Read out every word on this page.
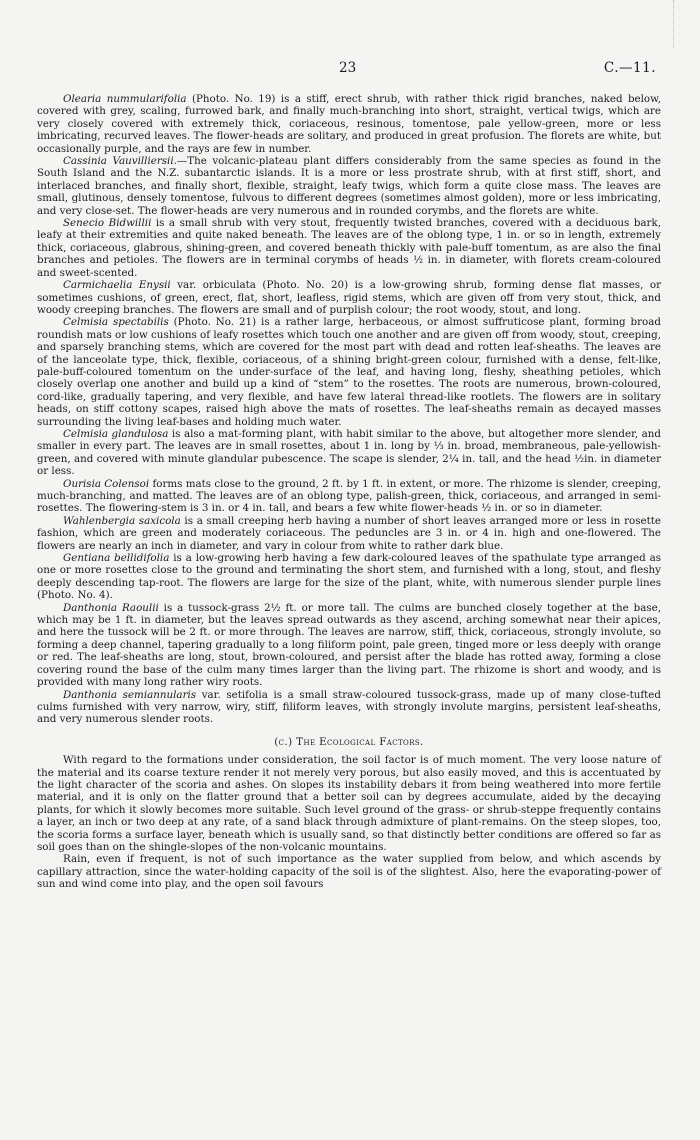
23	C.—11.

Olearia nummularifolia (Photo. No. 19) is a stiff, erect shrub, with rather thick rigid branches, naked below, covered with grey, scaling, furrowed bark, and finally much-branching into short, straight, vertical twigs, which are very closely covered with extremely thick, coriaceous, resinous, tomentose, pale yellow-green, more or less imbricating, recurved leaves. The flower-heads are solitary, and produced in great profusion. The florets are white, but occasionally purple, and the rays are few in number.

Cassinia Vauvilliersii.—The volcanic-plateau plant differs considerably from the same species as found in the South Island and the N.Z. subantarctic islands. It is a more or less prostrate shrub, with at first stiff, short, and interlaced branches, and finally short, flexible, straight, leafy twigs, which form a quite close mass. The leaves are small, glutinous, densely tomentose, fulvous to different degrees (sometimes almost golden), more or less imbricating, and very close-set. The flower-heads are very numerous and in rounded corymbs, and the florets are white.

Senecio Bidwillii is a small shrub with very stout, frequently twisted branches, covered with a deciduous bark, leafy at their extremities and quite naked beneath. The leaves are of the oblong type, 1 in. or so in length, extremely thick, coriaceous, glabrous, shining-green, and covered beneath thickly with pale-buff tomentum, as are also the final branches and petioles. The flowers are in terminal corymbs of heads ½ in. in diameter, with florets cream-coloured and sweet-scented.

Carmichaelia Enysii var. orbiculata (Photo. No. 20) is a low-growing shrub, forming dense flat masses, or sometimes cushions, of green, erect, flat, short, leafless, rigid stems, which are given off from very stout, thick, and woody creeping branches. The flowers are small and of purplish colour; the root woody, stout, and long.

Celmisia spectabilis (Photo. No. 21) is a rather large, herbaceous, or almost suffruticose plant, forming broad roundish mats or low cushions of leafy rosettes which touch one another and are given off from woody, stout, creeping, and sparsely branching stems, which are covered for the most part with dead and rotten leaf-sheaths. The leaves are of the lanceolate type, thick, flexible, coriaceous, of a shining bright-green colour, furnished with a dense, felt-like, pale-buff-coloured tomentum on the under-surface of the leaf, and having long, fleshy, sheathing petioles, which closely overlap one another and build up a kind of “stem” to the rosettes. The roots are numerous, brown-coloured, cord-like, gradually tapering, and very flexible, and have few lateral thread-like rootlets. The flowers are in solitary heads, on stiff cottony scapes, raised high above the mats of rosettes. The leaf-sheaths remain as decayed masses surrounding the living leaf-bases and holding much water.

Celmisia glandulosa is also a mat-forming plant, with habit similar to the above, but altogether more slender, and smaller in every part. The leaves are in small rosettes, about 1 in. long by ⅓ in. broad, membraneous, pale-yellowish-green, and covered with minute glandular pubescence. The scape is slender, 2¼ in. tall, and the head ½in. in diameter or less.

Ourisia Colensoi forms mats close to the ground, 2 ft. by 1 ft. in extent, or more. The rhizome is slender, creeping, much-branching, and matted. The leaves are of an oblong type, palish-green, thick, coriaceous, and arranged in semi-rosettes. The flowering-stem is 3 in. or 4 in. tall, and bears a few white flower-heads ½ in. or so in diameter.

Wahlenbergia saxicola is a small creeping herb having a number of short leaves arranged more or less in rosette fashion, which are green and moderately coriaceous. The peduncles are 3 in. or 4 in. high and one-flowered. The flowers are nearly an inch in diameter, and vary in colour from white to rather dark blue.

Gentiana bellidifolia is a low-growing herb having a few dark-coloured leaves of the spathulate type arranged as one or more rosettes close to the ground and terminating the short stem, and furnished with a long, stout, and fleshy deeply descending tap-root. The flowers are large for the size of the plant, white, with numerous slender purple lines (Photo. No. 4).

Danthonia Raoulii is a tussock-grass 2½ ft. or more tall. The culms are bunched closely together at the base, which may be 1 ft. in diameter, but the leaves spread outwards as they ascend, arching somewhat near their apices, and here the tussock will be 2 ft. or more through. The leaves are narrow, stiff, thick, coriaceous, strongly involute, so forming a deep channel, tapering gradually to a long filiform point, pale green, tinged more or less deeply with orange or red. The leaf-sheaths are long, stout, brown-coloured, and persist after the blade has rotted away, forming a close covering round the base of the culm many times larger than the living part. The rhizome is short and woody, and is provided with many long rather wiry roots.

Danthonia semiannularis var. setifolia is a small straw-coloured tussock-grass, made up of many close-tufted culms furnished with very narrow, wiry, stiff, filiform leaves, with strongly involute margins, persistent leaf-sheaths, and very numerous slender roots.

(c.) The Ecological Factors.

With regard to the formations under consideration, the soil factor is of much moment. The very loose nature of the material and its coarse texture render it not merely very porous, but also easily moved, and this is accentuated by the light character of the scoria and ashes. On slopes its instability debars it from being weathered into more fertile material, and it is only on the flatter ground that a better soil can by degrees accumulate, aided by the decaying plants, for which it slowly becomes more suitable. Such level ground of the grass- or shrub-steppe frequently contains a layer, an inch or two deep at any rate, of a sand black through admixture of plant-remains. On the steep slopes, too, the scoria forms a surface layer, beneath which is usually sand, so that distinctly better conditions are offered so far as soil goes than on the shingle-slopes of the non-volcanic mountains.

Rain, even if frequent, is not of such importance as the water supplied from below, and which ascends by capillary attraction, since the water-holding capacity of the soil is of the slightest. Also, here the evaporating-power of sun and wind come into play, and the open soil favours
